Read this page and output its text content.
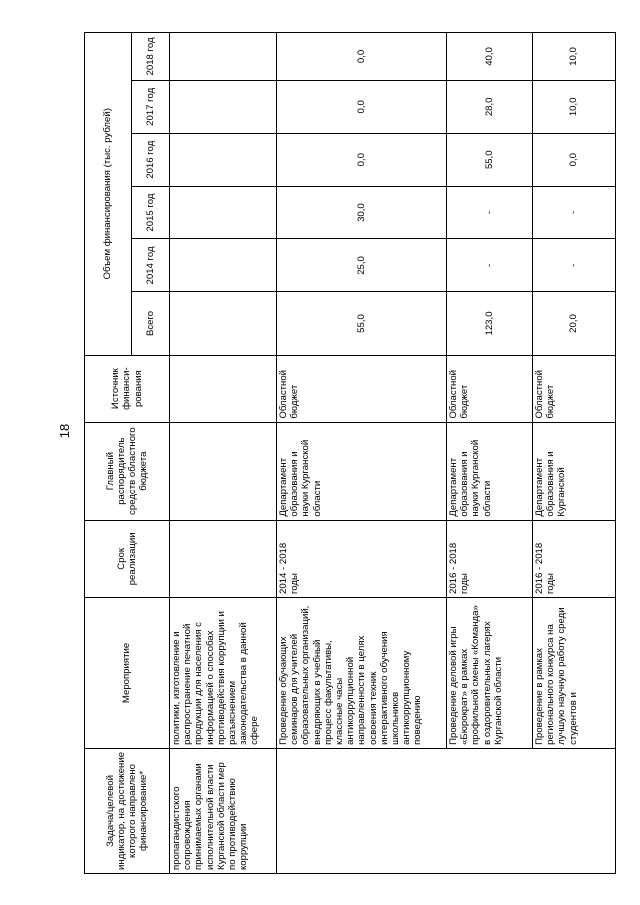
18
Задача/целевой индикатор, на достижение которого направлено финансирование*	Мероприятие	Срок реализации	Главный распорядитель средств областного бюджета	Источник финанси-рования	Объем финансирования (тыс. рублей)					
					Всего	2014 год	2015 год	2016 год	2017 год	2018 год
пропагандистского сопровождения принимаемых органами исполнительной власти Курганской области мер по противодействию коррупции	политики, изготовление и распространение печатной продукции для населения с информацией о способах противодействия коррупции и разъяснением законодательства в данной сфере									
	Проведение обучающих семинаров для учителей образовательных организаций, внедряющих в учебный процесс факультативы, классные часы антикоррупционной направленности в целях освоения техник интерактивного обучения школьников антикоррупционному поведению	2014 - 2018 годы	Департамент образования и науки Курганской области	Областной бюджет	55,0	25,0	30,0	0,0	0,0	0,0
	Проведение деловой игры «Бюрократ» в рамках профильной смены «Команда» в оздоровительных лагерях Курганской области	2016 - 2018 годы	Департамент образования и науки Курганской области	Областной бюджет	123,0	-	-	55,0	28,0	40,0
	Проведение в рамках регионального конкурса на лучшую научную работу среди студентов и	2016 - 2018 годы	Департамент образования и Курганской	Областной бюджет	20,0	-	-	0,0	10,0	10,0
